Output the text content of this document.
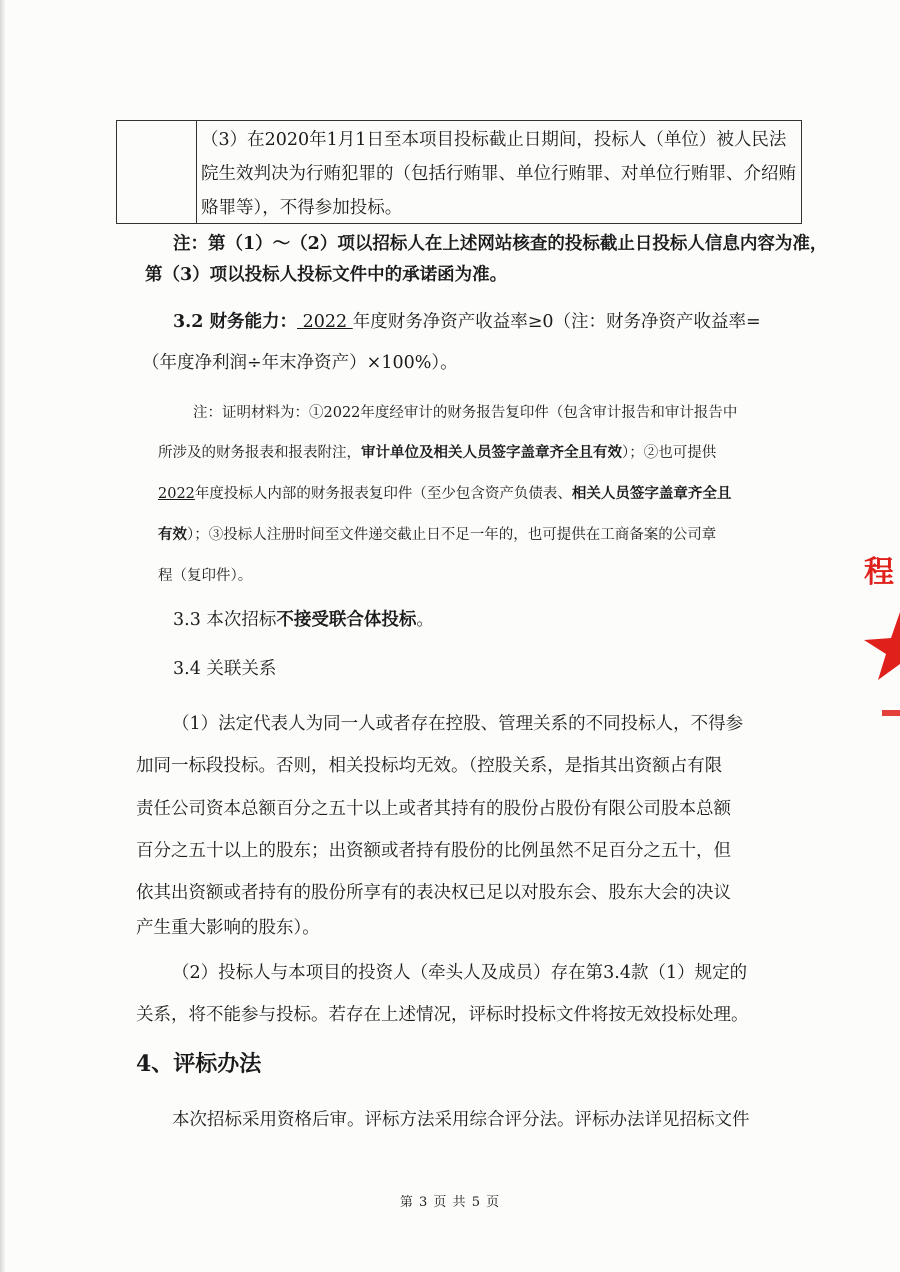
（3）在2020年1月1日至本项目投标截止日期间，投标人（单位）被人民法院生效判决为行贿犯罪的（包括行贿罪、单位行贿罪、对单位行贿罪、介绍贿赂罪等），不得参加投标。
注：第（1）～（2）项以招标人在上述网站核查的投标截止日投标人信息内容为准，
第（3）项以投标人投标文件中的承诺函为准。
3.2 财务能力： 2022 年度财务净资产收益率≥0（注：财务净资产收益率=
（年度净利润÷年末净资产）×100%）。
注：证明材料为：①2022年度经审计的财务报告复印件（包含审计报告和审计报告中
所涉及的财务报表和报表附注，审计单位及相关人员签字盖章齐全且有效）；②也可提供
2022年度投标人内部的财务报表复印件（至少包含资产负债表、相关人员签字盖章齐全且
有效）；③投标人注册时间至文件递交截止日不足一年的，也可提供在工商备案的公司章
程（复印件）。
3.3 本次招标不接受联合体投标。
3.4 关联关系
（1）法定代表人为同一人或者存在控股、管理关系的不同投标人，不得参
加同一标段投标。否则，相关投标均无效。（控股关系，是指其出资额占有限
责任公司资本总额百分之五十以上或者其持有的股份占股份有限公司股本总额
百分之五十以上的股东；出资额或者持有股份的比例虽然不足百分之五十，但
依其出资额或者持有的股份所享有的表决权已足以对股东会、股东大会的决议
产生重大影响的股东）。
（2）投标人与本项目的投资人（牵头人及成员）存在第3.4款（1）规定的
关系，将不能参与投标。若存在上述情况，评标时投标文件将按无效投标处理。
4、评标办法
本次招标采用资格后审。评标方法采用综合评分法。评标办法详见招标文件
程
第 3 页 共 5 页
